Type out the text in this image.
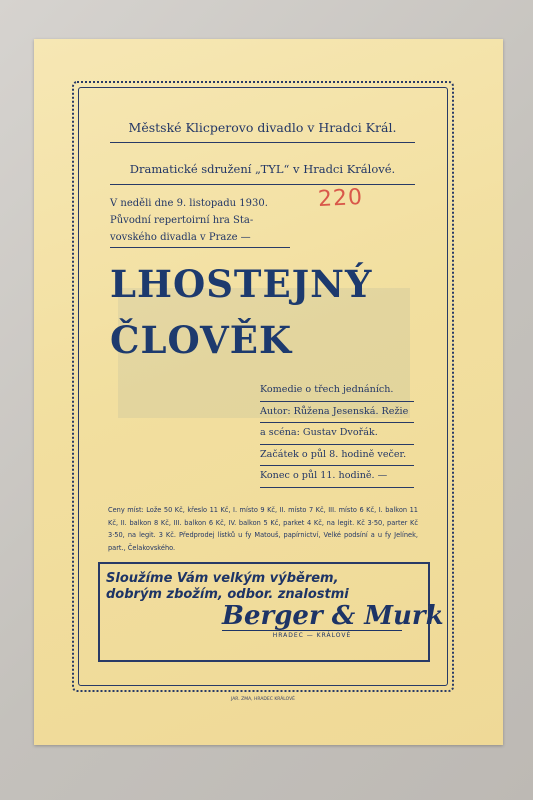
Městské Klicperovo divadlo v Hradci Král.
Dramatické sdružení „TYL“ v Hradci Králové.
V neděli dne 9. listopadu 1930.
Původní repertoirní hra Sta-
vovského divadla v Praze —
220
LHOSTEJNÝ
ČLOVĚK
Komedie o třech jednáních.
Autor: Růžena Jesenská. Režie
a scéna: Gustav Dvořák.
Začátek o půl 8. hodině večer.
Konec o půl 11. hodině. —
Ceny míst: Lože 50 Kč, křeslo 11 Kč, I. místo 9 Kč, II. místo 7 Kč, III. místo 6 Kč, I. balkon 11 Kč, II. balkon 8 Kč, III. balkon 6 Kč, IV. balkon 5 Kč, parket 4 Kč, na legit. Kč 3·50, parter Kč 3·50, na legit. 3 Kč. Předprodej lístků u fy Matouš, papírnictví, Velké podsíní a u fy Jelínek, part., Čelakovského.
Sloužíme Vám velkým výběrem,
dobrým zbožím, odbor. znalostmi
Berger & Murk
HRADEC — KRÁLOVÉ
JAR. ZMA, HRADEC KRÁLOVÉ
